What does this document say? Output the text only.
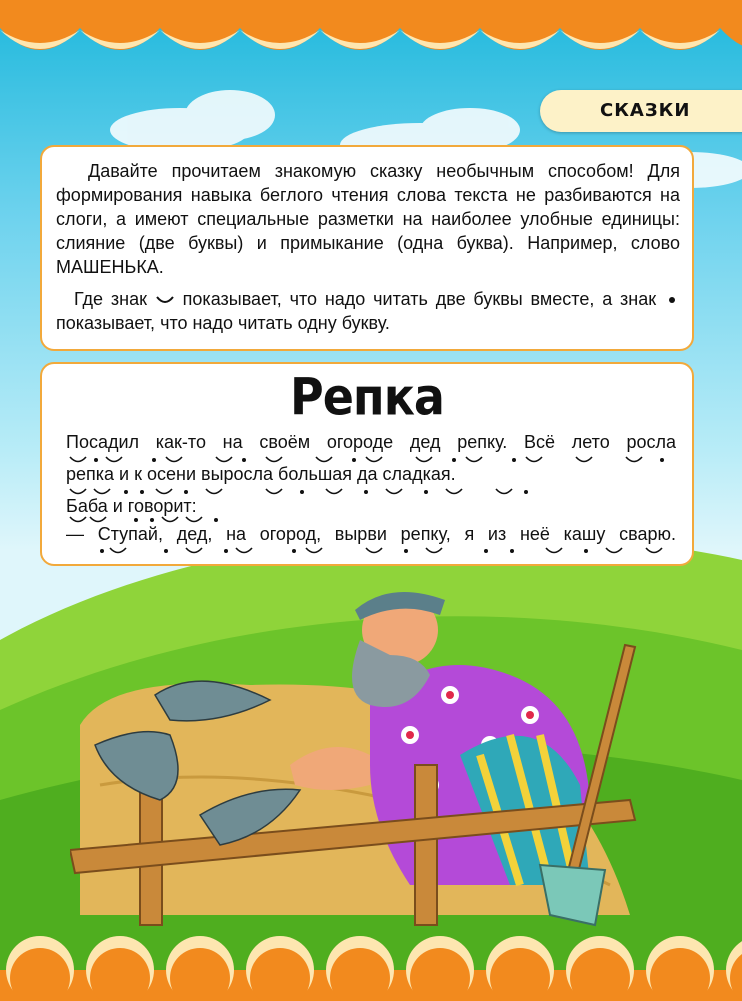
СКАЗКИ

Давайте прочитаем знакомую сказку необычным способом! Для формирования навыка беглого чтения слова текста не разбиваются на слоги, а имеют специальные разметки на наиболее улобные единицы: слияние (две буквы) и примыкание (одна буква). Например, слово МАШЕНЬКА.

Где знак показывает, что надо читать две буквы вместе, а знак  показывает, что надо читать одну букву.

Репка
Посадил как-то на своём огороде дед репку. Всё лето росла
репка и к осени выросла большая да сладкая.
Баба и говорит:
— Ступай, дед, на огород, вырви репку, я из неё кашу сварю.
